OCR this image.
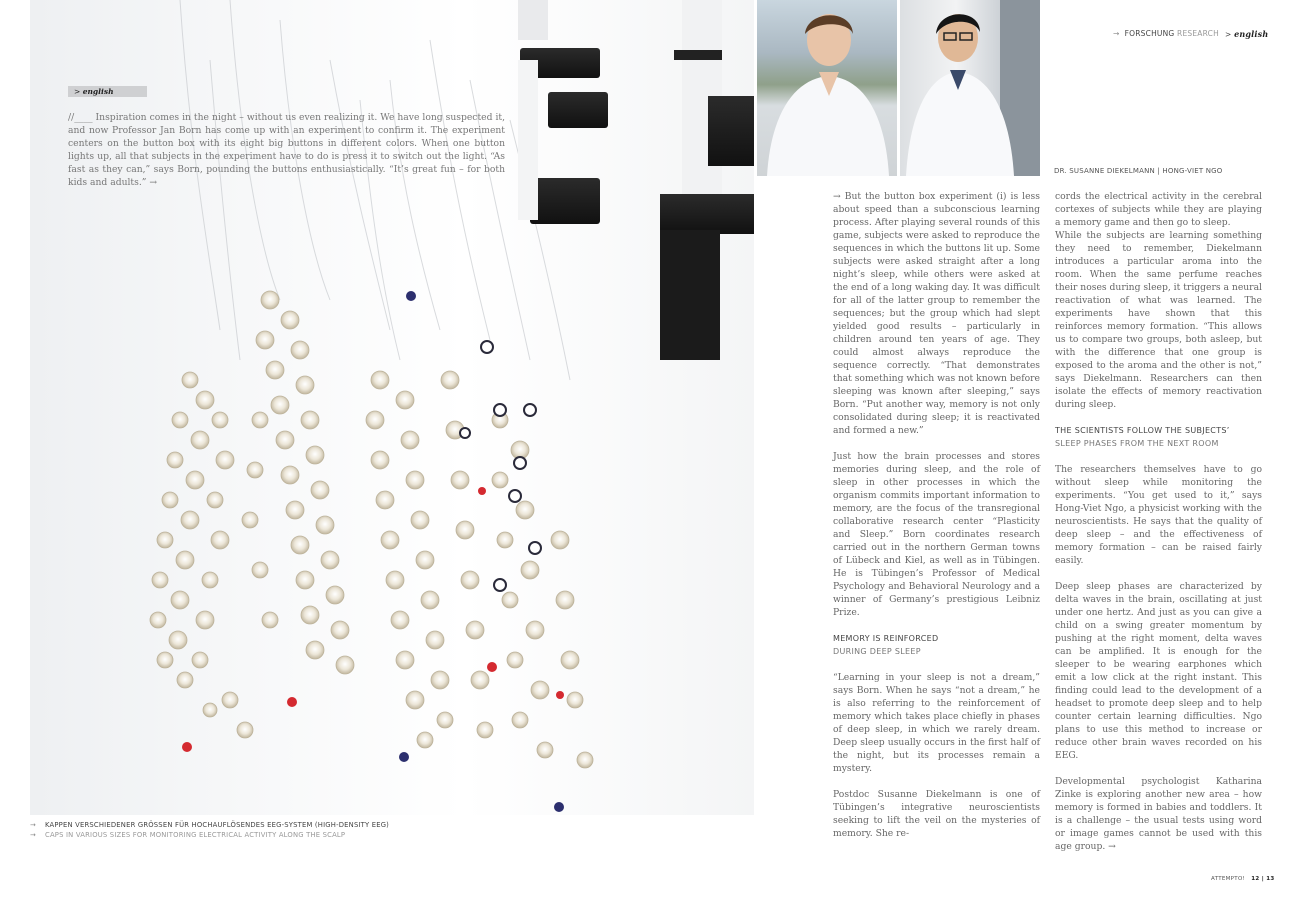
→ FORSCHUNG RESEARCH > english
> english

//____ Inspiration comes in the night – without us even realizing it. We have long suspected it, and now Professor Jan Born has come up with an experiment to confirm it. The experiment centers on the button box with its eight big buttons in different colors. When one button lights up, all that subjects in the experiment have to do is press it to switch out the light. “As fast as they can,” says Born, pounding the buttons enthusiastically. “It’s great fun – for both kids and adults.” →

DR. SUSANNE DIEKELMANN | HONG-VIET NGO

→ But the button box experiment (i) is less about speed than a subconscious learning process. After playing several rounds of this game, subjects were asked to reproduce the sequences in which the buttons lit up. Some subjects were asked straight after a long night’s sleep, while others were asked at the end of a long waking day. It was difficult for all of the latter group to remember the sequences; but the group which had slept yielded good results – particularly in children around ten years of age. They could almost always reproduce the sequence correctly. “That demonstrates that something which was not known before sleeping was known after sleeping,” says Born. “Put another way, memory is not only consolidated during sleep; it is reactivated and formed a new.”

Just how the brain processes and stores memories during sleep, and the role of sleep in other processes in which the organism commits important information to memory, are the focus of the transregional collaborative research center “Plasticity and Sleep.” Born coordinates research carried out in the northern German towns of Lübeck and Kiel, as well as in Tübingen. He is Tübingen’s Professor of Medical Psychology and Behavioral Neurology and a winner of Germany’s prestigious Leibniz Prize.

MEMORY IS REINFORCED
DURING DEEP SLEEP

“Learning in your sleep is not a dream,” says Born. When he says “not a dream,” he is also referring to the reinforcement of memory which takes place chiefly in phases of deep sleep, in which we rarely dream. Deep sleep usually occurs in the first half of the night, but its processes remain a mystery.

Postdoc Susanne Diekelmann is one of Tübingen’s integrative neuroscientists seeking to lift the veil on the mysteries of memory. She re-

cords the electrical activity in the cerebral cortexes of subjects while they are playing a memory game and then go to sleep.

While the subjects are learning something they need to remember, Diekelmann introduces a particular aroma into the room. When the same perfume reaches their noses during sleep, it triggers a neural reactivation of what was learned. The experiments have shown that this reinforces memory formation. “This allows us to compare two groups, both asleep, but with the difference that one group is exposed to the aroma and the other is not,” says Diekelmann. Researchers can then isolate the effects of memory reactivation during sleep.

THE SCIENTISTS FOLLOW THE SUBJECTS’
SLEEP PHASES FROM THE NEXT ROOM

The researchers themselves have to go without sleep while monitoring the experiments. “You get used to it,” says Hong-Viet Ngo, a physicist working with the neuroscientists. He says that the quality of deep sleep – and the effectiveness of memory formation – can be raised fairly easily.

Deep sleep phases are characterized by delta waves in the brain, oscillating at just under one hertz. And just as you can give a child on a swing greater momentum by pushing at the right moment, delta waves can be amplified. It is enough for the sleeper to be wearing earphones which emit a low click at the right instant. This finding could lead to the development of a headset to promote deep sleep and to help counter certain learning difficulties. Ngo plans to use this method to increase or reduce other brain waves recorded on his EEG.

Developmental psychologist Katharina Zinke is exploring another new area – how memory is formed in babies and toddlers. It is a challenge – the usual tests using word or image games cannot be used with this age group. →

→ KAPPEN VERSCHIEDENER GRÖSSEN FÜR HOCHAUFLÖSENDES EEG-SYSTEM (HIGH-DENSITY EEG)
→ CAPS IN VARIOUS SIZES FOR MONITORING ELECTRICAL ACTIVITY ALONG THE SCALP
ATTEMPTO! 12 | 13
